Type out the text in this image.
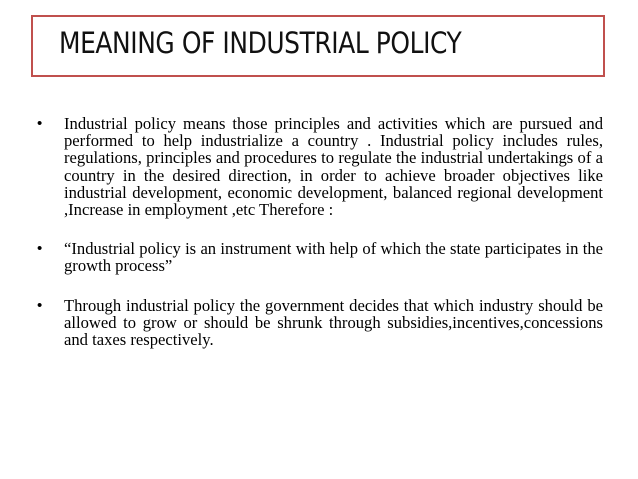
MEANING OF INDUSTRIAL POLICY
• Industrial policy means those principles and activities which are pursued and performed to help industrialize a country . Industrial policy includes rules, regulations, principles and procedures to regulate the industrial undertakings of a country in the desired direction, in order to achieve broader objectives like industrial development, economic development, balanced regional development ,Increase in employment ,etc Therefore :
• “Industrial policy is an instrument with help of which the state participates in the growth process”
• Through industrial policy the government decides that which industry should be allowed to grow or should be shrunk through subsidies,incentives,concessions and taxes respectively.
